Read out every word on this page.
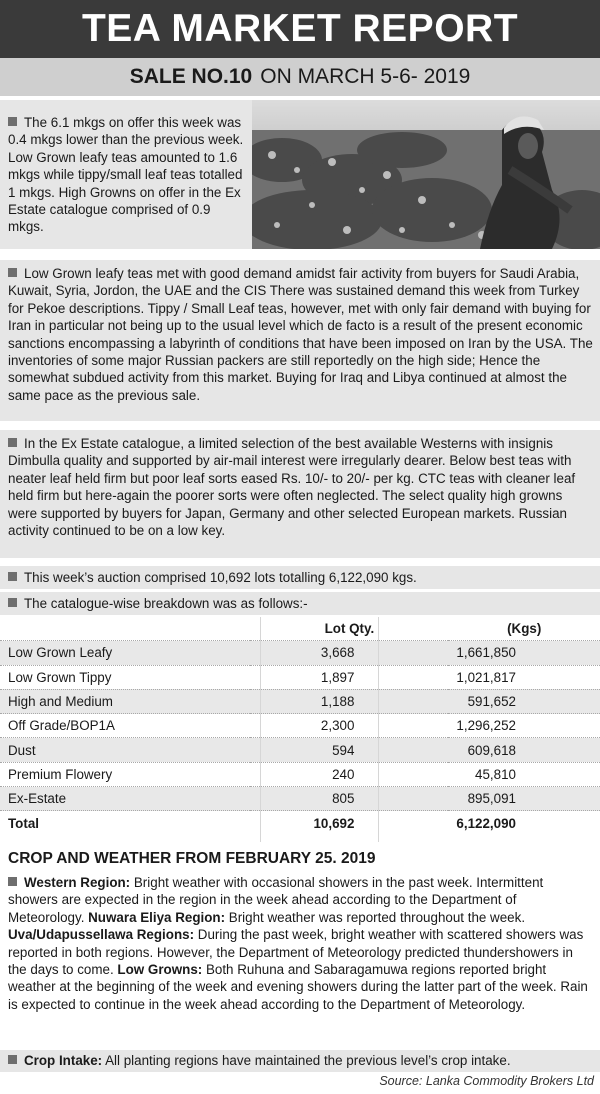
TEA MARKET REPORT
SALE NO.10 ON MARCH 5-6- 2019
The 6.1 mkgs on offer this week was 0.4 mkgs lower than the previous week. Low Grown leafy teas amounted to 1.6 mkgs while tippy/small leaf teas totalled 1 mkgs. High Growns on offer in the Ex Estate catalogue comprised of 0.9 mkgs.
Low Grown leafy teas met with good demand amidst fair activity from buyers for Saudi Arabia, Kuwait, Syria, Jordon, the UAE and the CIS There was sustained demand this week from Turkey for Pekoe descriptions. Tippy / Small Leaf teas, however, met with only fair demand with buying for Iran in particular not being up to the usual level which de facto is a result of the present economic sanctions encompassing a labyrinth of conditions that have been imposed on Iran by the USA. The inventories of some major Russian packers are still reportedly on the high side; Hence the somewhat subdued activity from this market. Buying for Iraq and Libya continued at almost the same pace as the previous sale.
In the Ex Estate catalogue, a limited selection of the best available Westerns with insignis Dimbulla quality and supported by air-mail interest were irregularly dearer. Below best teas with neater leaf held firm but poor leaf sorts eased Rs. 10/- to 20/- per kg. CTC teas with cleaner leaf held firm but here-again the poorer sorts were often neglected. The select quality high growns were supported by buyers for Japan, Germany and other selected European markets. Russian activity continued to be on a low key.
This week’s auction comprised 10,692 lots totalling 6,122,090 kgs.
The catalogue-wise breakdown was as follows:-
	Lot Qty.	(Kgs)
Low Grown Leafy	3,668	1,661,850
Low Grown Tippy	1,897	1,021,817
High and Medium	1,188	591,652
Off Grade/BOP1A	2,300	1,296,252
Dust	594	609,618
Premium Flowery	240	45,810
Ex-Estate	805	895,091
Total	10,692	6,122,090
CROP AND WEATHER FROM FEBRUARY 25. 2019
Western Region: Bright weather with occasional showers in the past week. Intermittent showers are expected in the region in the week ahead according to the Department of Meteorology. Nuwara Eliya Region: Bright weather was reported throughout the week. Uva/Udapussellawa Regions: During the past week, bright weather with scattered showers was reported in both regions. However, the Department of Meteorology predicted thundershowers in the days to come. Low Growns: Both Ruhuna and Sabaragamuwa regions reported bright weather at the beginning of the week and evening showers during the latter part of the week. Rain is expected to continue in the week ahead according to the Department of Meteorology.
Crop Intake: All planting regions have maintained the previous level’s crop intake.
Source: Lanka Commodity Brokers Ltd
